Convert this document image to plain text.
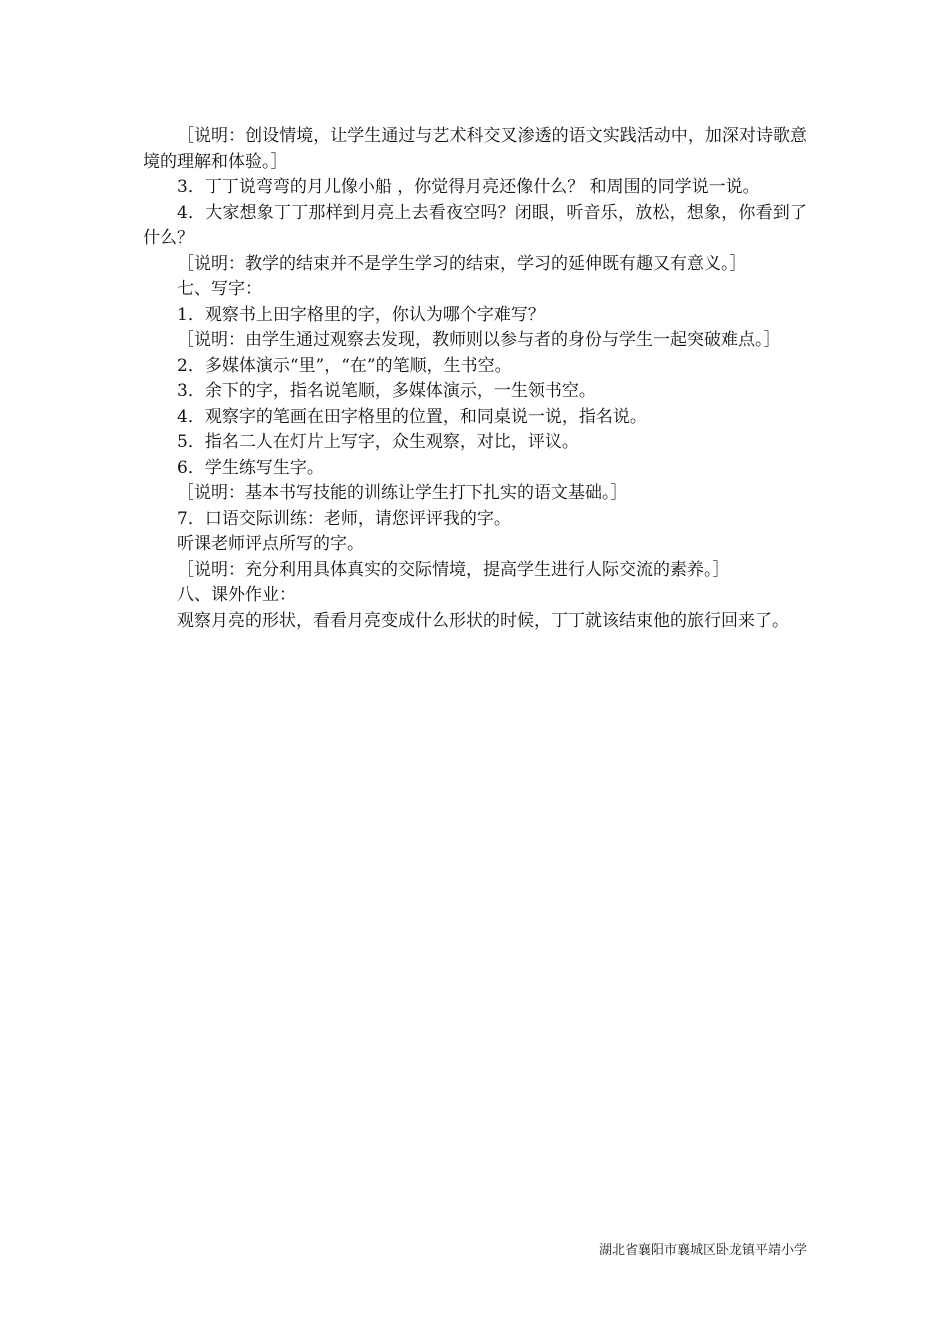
［说明：创设情境，让学生通过与艺术科交叉渗透的语文实践活动中，加深对诗歌意境的理解和体验。］

3．丁丁说弯弯的月儿像小船 ，你觉得月亮还像什么？ 和周围的同学说一说。

4．大家想象丁丁那样到月亮上去看夜空吗？闭眼，听音乐，放松，想象，你看到了什么？

［说明：教学的结束并不是学生学习的结束，学习的延伸既有趣又有意义。］

七、写字：

1．观察书上田字格里的字，你认为哪个字难写？

［说明：由学生通过观察去发现，教师则以参与者的身份与学生一起突破难点。］

2．多媒体演示“里”，“在”的笔顺，生书空。

3．余下的字，指名说笔顺，多媒体演示，一生领书空。

4．观察字的笔画在田字格里的位置，和同桌说一说，指名说。

5．指名二人在灯片上写字，众生观察，对比，评议。

6．学生练写生字。

［说明：基本书写技能的训练让学生打下扎实的语文基础。］

7．口语交际训练：老师，请您评评我的字。

听课老师评点所写的字。

［说明：充分利用具体真实的交际情境，提高学生进行人际交流的素养。］

八、课外作业：

观察月亮的形状，看看月亮变成什么形状的时候，丁丁就该结束他的旅行回来了。

湖北省襄阳市襄城区卧龙镇平靖小学
